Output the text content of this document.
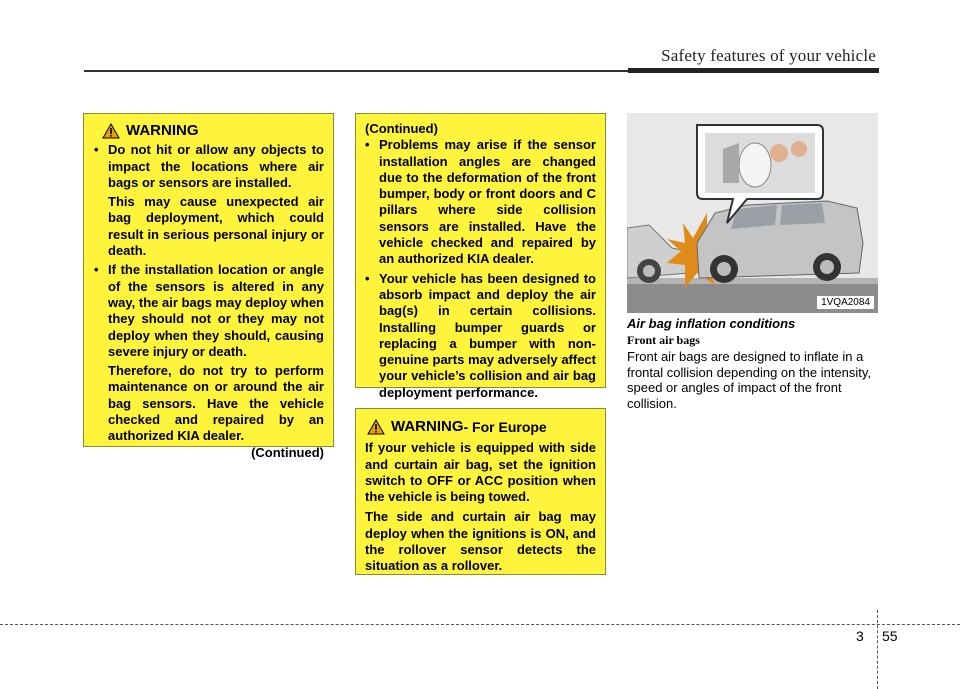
Safety features of your vehicle
WARNING
• Do not hit or allow any objects to impact the locations where air bags or sensors are installed.
This may cause unexpected air bag deployment, which could result in serious personal injury or death.
• If the installation location or angle of the sensors is altered in any way, the air bags may deploy when they should not or they may not deploy when they should, causing severe injury or death.
Therefore, do not try to perform maintenance on or around the air bag sensors. Have the vehicle checked and repaired by an authorized KIA dealer.
(Continued)
(Continued)
• Problems may arise if the sensor installation angles are changed due to the deformation of the front bumper, body or front doors and C pillars where side collision sensors are installed. Have the vehicle checked and repaired by an authorized KIA dealer.
• Your vehicle has been designed to absorb impact and deploy the air bag(s) in certain collisions. Installing bumper guards or replacing a bumper with non-genuine parts may adversely affect your vehicle’s collision and air bag deployment performance.
WARNING - For Europe
If your vehicle is equipped with side and curtain air bag, set the ignition switch to OFF or ACC position when the vehicle is being towed.
The side and curtain air bag may deploy when the ignitions is ON, and the rollover sensor detects the situation as a rollover.
1VQA2084
Air bag inflation conditions
Front air bags
Front air bags are designed to inflate in a frontal collision depending on the intensity, speed or angles of impact of the front collision.
3 55
